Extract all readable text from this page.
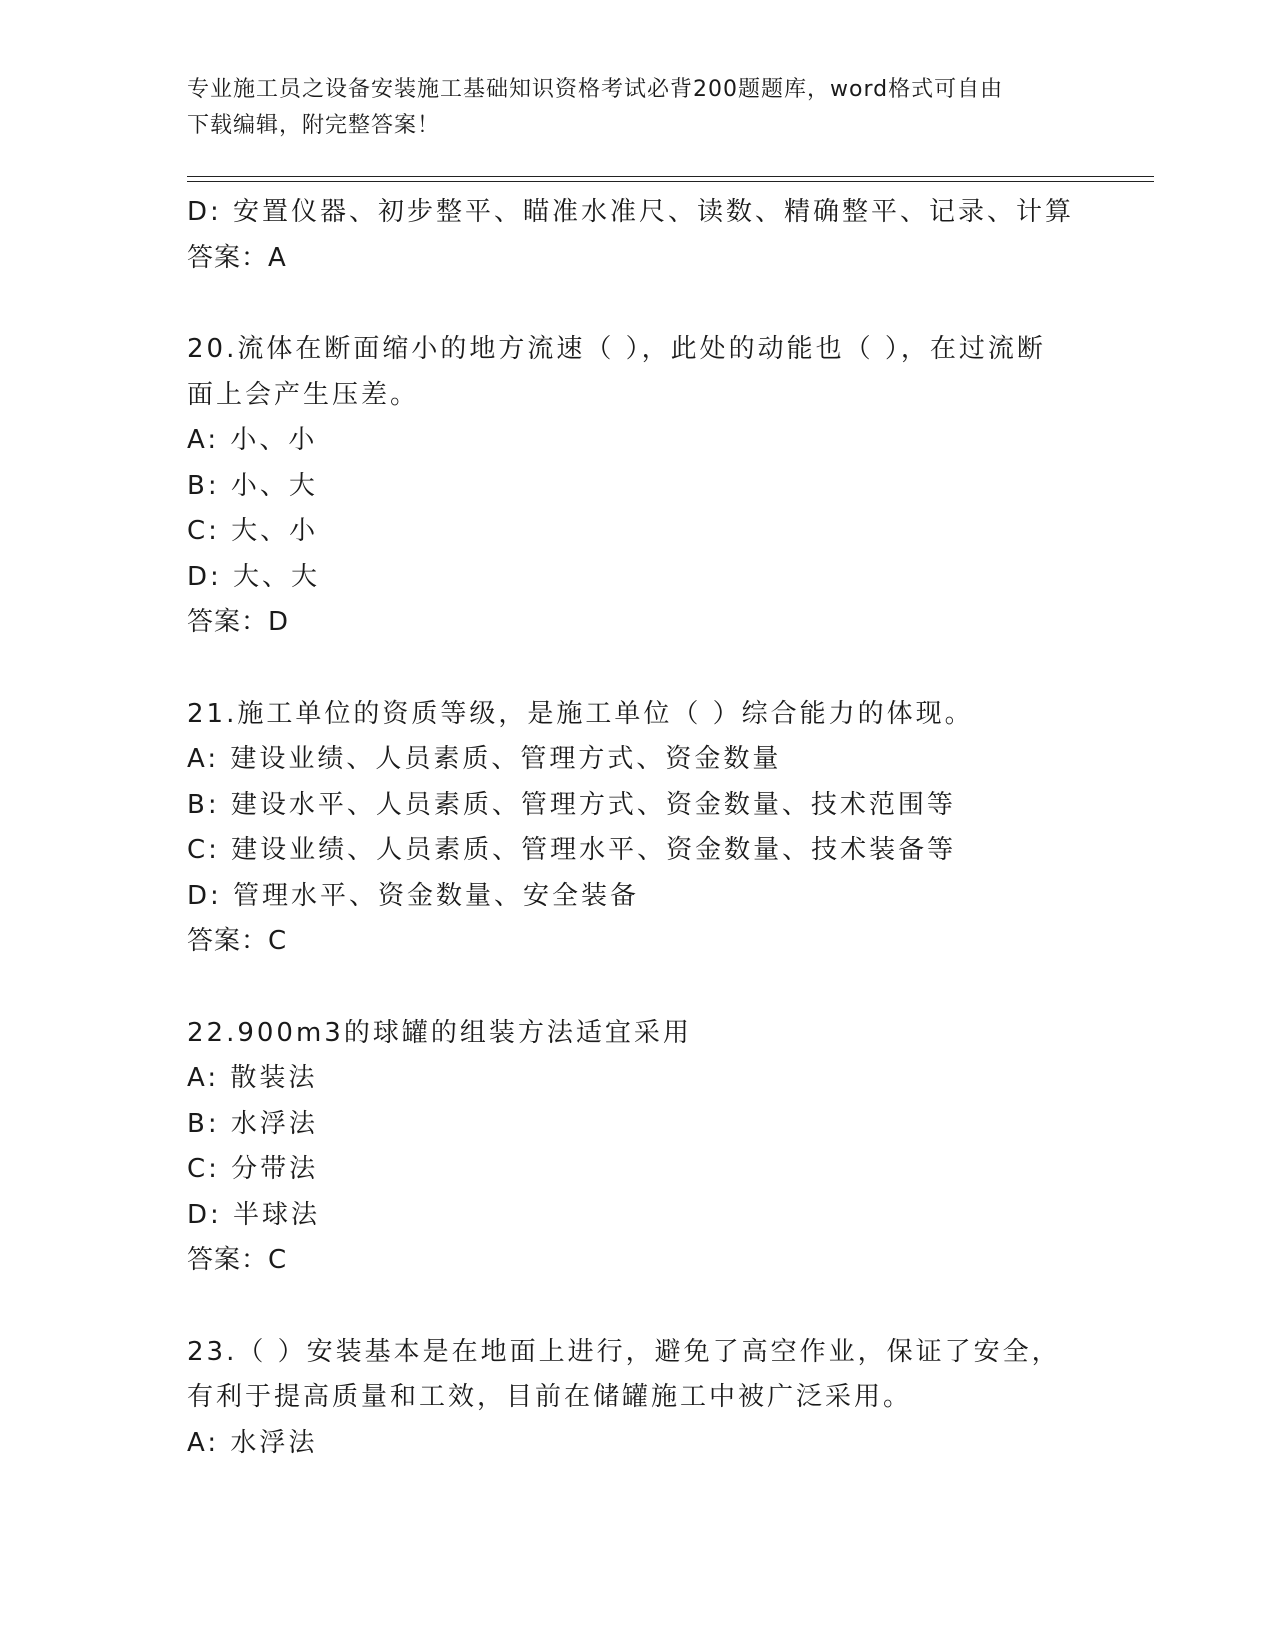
专业施工员之设备安装施工基础知识资格考试必背200题题库，word格式可自由
下载编辑，附完整答案！
D: 安置仪器、初步整平、瞄准水准尺、读数、精确整平、记录、计算
答案：A
20.流体在断面缩小的地方流速（ ），此处的动能也（ ），在过流断
面上会产生压差。
A: 小、小
B: 小、大
C: 大、小
D: 大、大
答案：D
21.施工单位的资质等级，是施工单位（ ）综合能力的体现。
A: 建设业绩、人员素质、管理方式、资金数量
B: 建设水平、人员素质、管理方式、资金数量、技术范围等
C: 建设业绩、人员素质、管理水平、资金数量、技术装备等
D: 管理水平、资金数量、安全装备
答案：C
22.900m3的球罐的组装方法适宜采用
A: 散装法
B: 水浮法
C: 分带法
D: 半球法
答案：C
23.（ ）安装基本是在地面上进行，避免了高空作业，保证了安全，
有利于提高质量和工效，目前在储罐施工中被广泛采用。
A: 水浮法
